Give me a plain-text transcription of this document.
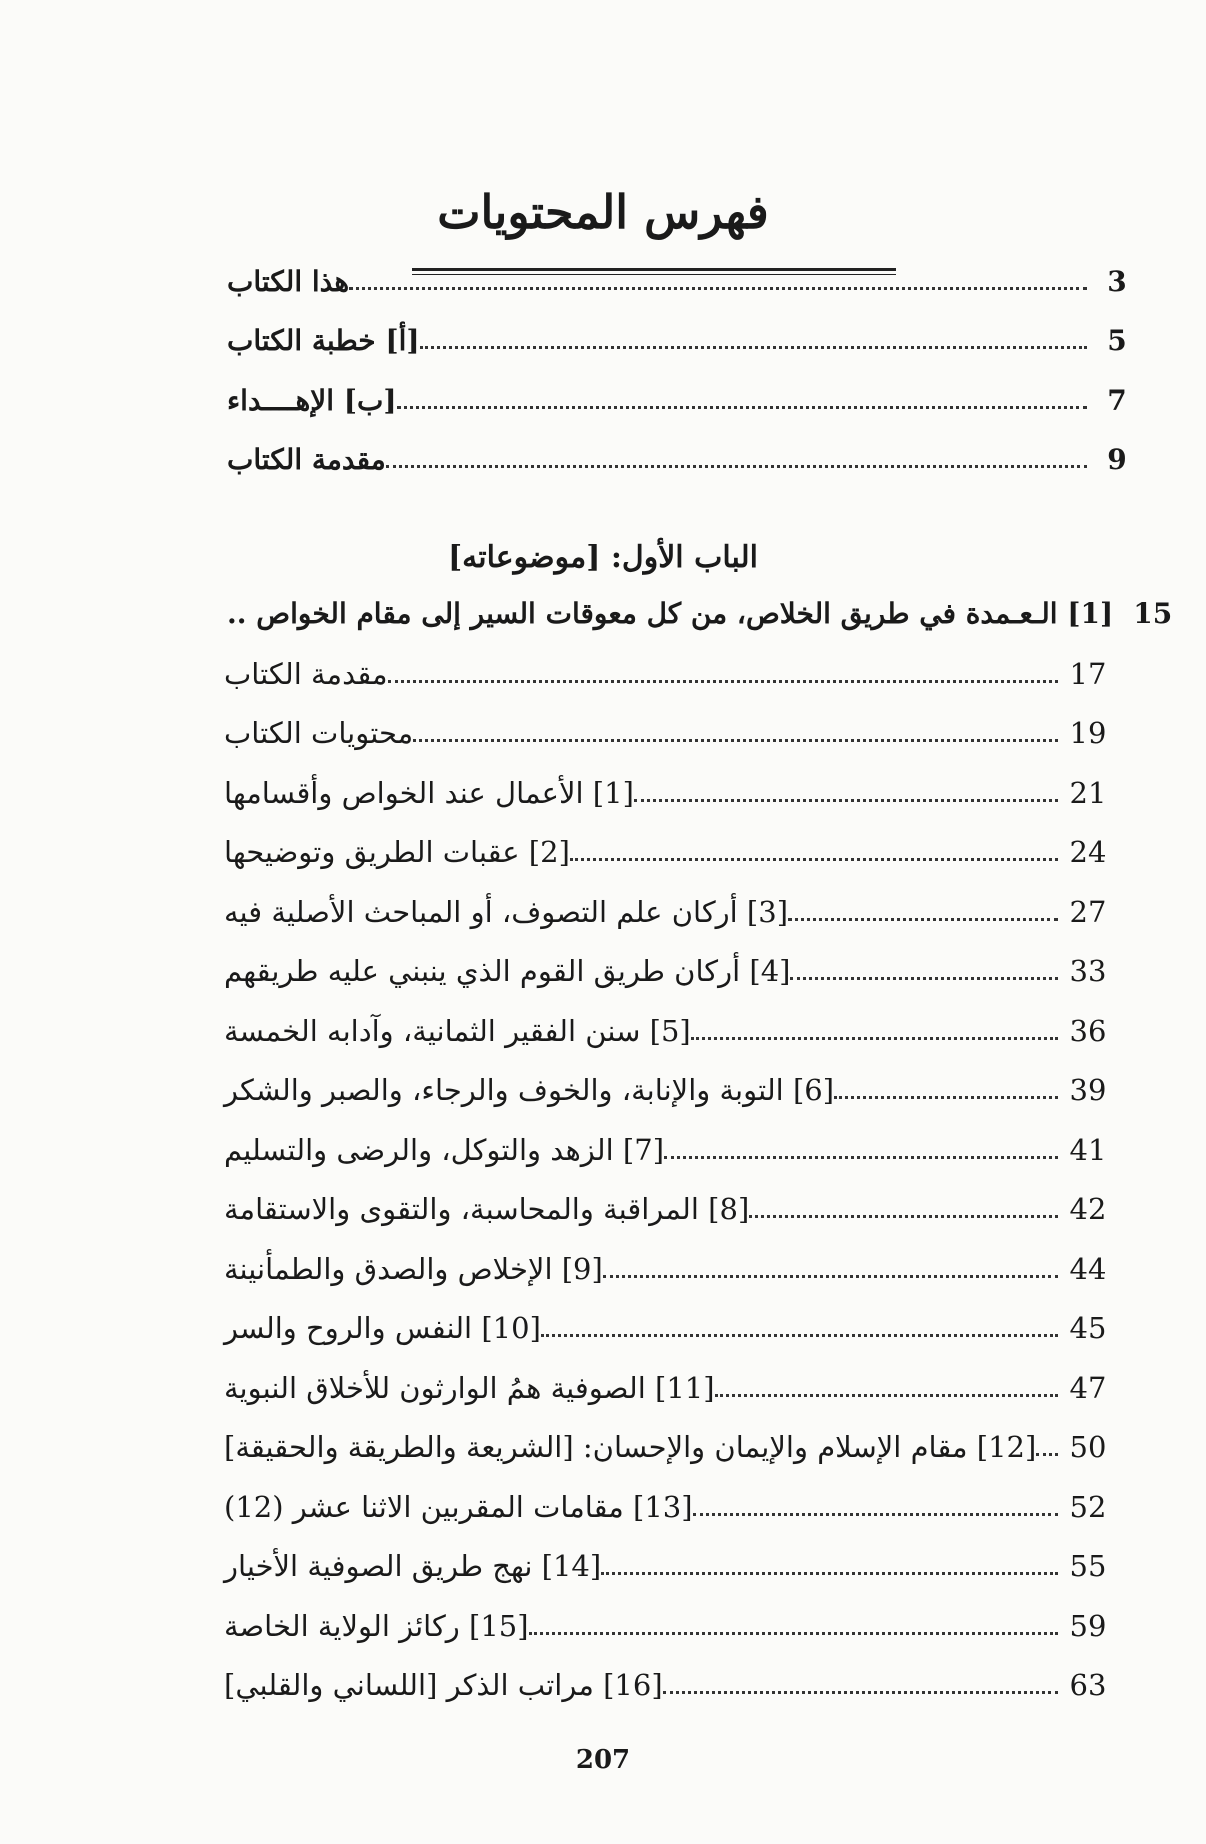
فهرس المحتويات
هذا الكتاب	3
[أ] خطبة الكتاب	5
[ب] الإهــــداء	7
مقدمة الكتاب	9
الباب الأول: [موضوعاته]
[1] الـعـمدة في طريق الخلاص، من كل معوقات السير إلى مقام الخواص .. 15
مقدمة الكتاب	17
محتويات الكتاب	19
[1] الأعمال عند الخواص وأقسامها	21
[2] عقبات الطريق وتوضيحها	24
[3] أركان علم التصوف، أو المباحث الأصلية فيه	27
[4] أركان طريق القوم الذي ينبني عليه طريقهم	33
[5] سنن الفقير الثمانية، وآدابه الخمسة	36
[6] التوبة والإنابة، والخوف والرجاء، والصبر والشكر	39
[7] الزهد والتوكل، والرضى والتسليم	41
[8] المراقبة والمحاسبة، والتقوى والاستقامة	42
[9] الإخلاص والصدق والطمأنينة	44
[10] النفس والروح والسر	45
[11] الصوفية همُ الوارثون للأخلاق النبوية	47
[12] مقام الإسلام والإيمان والإحسان: [الشريعة والطريقة والحقيقة]	50
[13] مقامات المقربين الاثنا عشر (12)	52
[14] نهج طريق الصوفية الأخيار	55
[15] ركائز الولاية الخاصة	59
[16] مراتب الذكر [اللساني والقلبي]	63
207
